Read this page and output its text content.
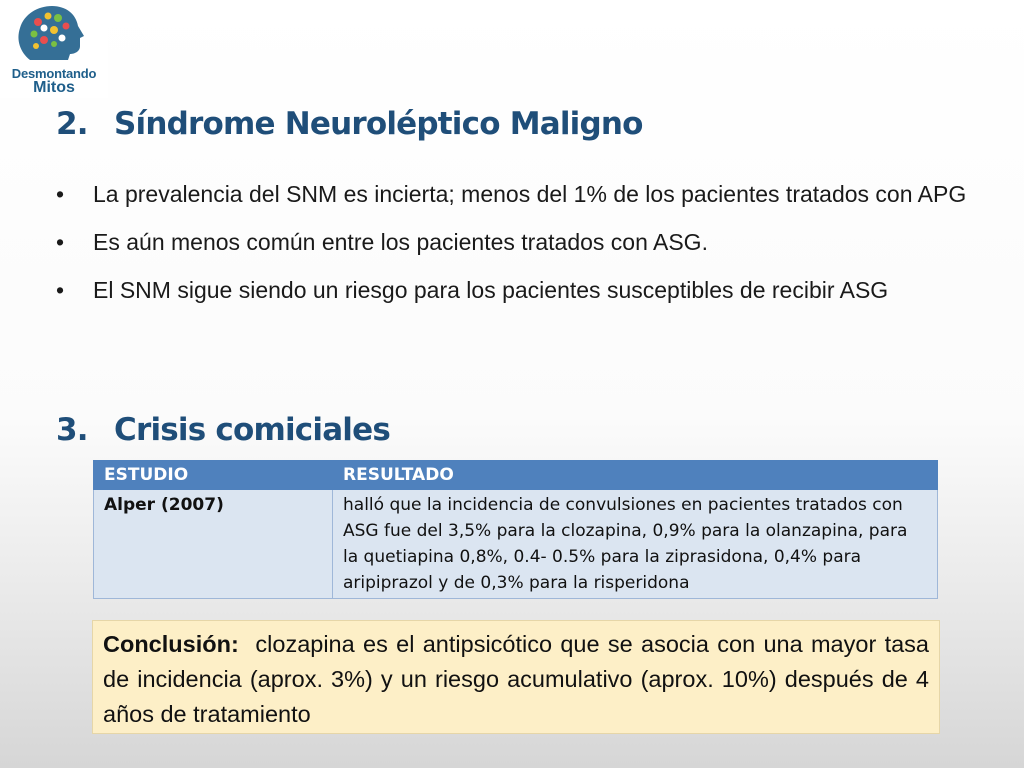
Desmontando
Mitos
2. Síndrome Neuroléptico Maligno
• La prevalencia del SNM es incierta; menos del 1% de los pacientes tratados con APG
• Es aún menos común entre los pacientes tratados con ASG.
• El SNM sigue siendo un riesgo para los pacientes susceptibles de recibir ASG
3. Crisis comiciales
ESTUDIO	RESULTADO
Alper (2007)	halló que la incidencia de convulsiones en pacientes tratados con ASG fue del 3,5% para la clozapina, 0,9% para la olanzapina, para la quetiapina 0,8%, 0.4- 0.5% para la ziprasidona, 0,4% para aripiprazol y de 0,3% para la risperidona
Conclusión: clozapina es el antipsicótico que se asocia con una mayor tasa de incidencia (aprox. 3%) y un riesgo acumulativo (aprox. 10%) después de 4 años de tratamiento
